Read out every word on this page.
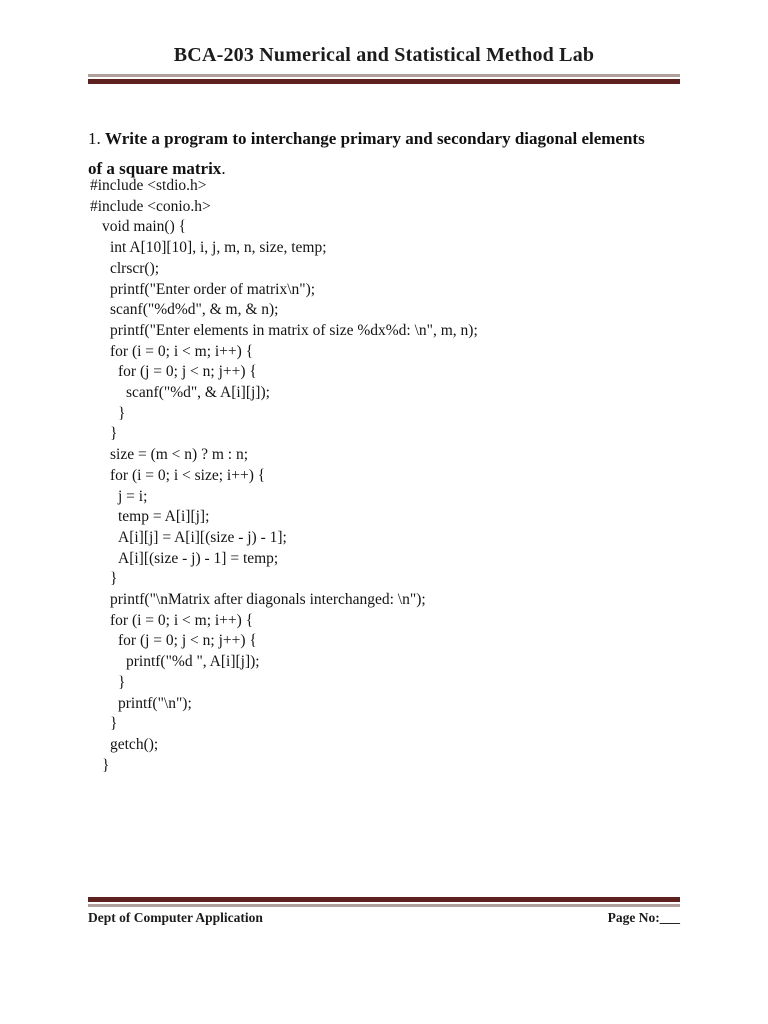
BCA-203 Numerical and Statistical Method Lab

1. Write a program to interchange primary and secondary diagonal elements
of a square matrix.

#include <stdio.h>
#include <conio.h>
void main() {
int A[10][10], i, j, m, n, size, temp;
clrscr();
printf("Enter order of matrix\n");
scanf("%d%d", & m, & n);
printf("Enter elements in matrix of size %dx%d: \n", m, n);
for (i = 0; i < m; i++) {
for (j = 0; j < n; j++) {
scanf("%d", & A[i][j]);
}
}
size = (m < n) ? m : n;
for (i = 0; i < size; i++) {
j = i;
temp = A[i][j];
A[i][j] = A[i][(size - j) - 1];
A[i][(size - j) - 1] = temp;
}
printf("\nMatrix after diagonals interchanged: \n");
for (i = 0; i < m; i++) {
for (j = 0; j < n; j++) {
printf("%d ", A[i][j]);
}
printf("\n");
}
getch();
}
Dept of Computer Application	Page No:___
